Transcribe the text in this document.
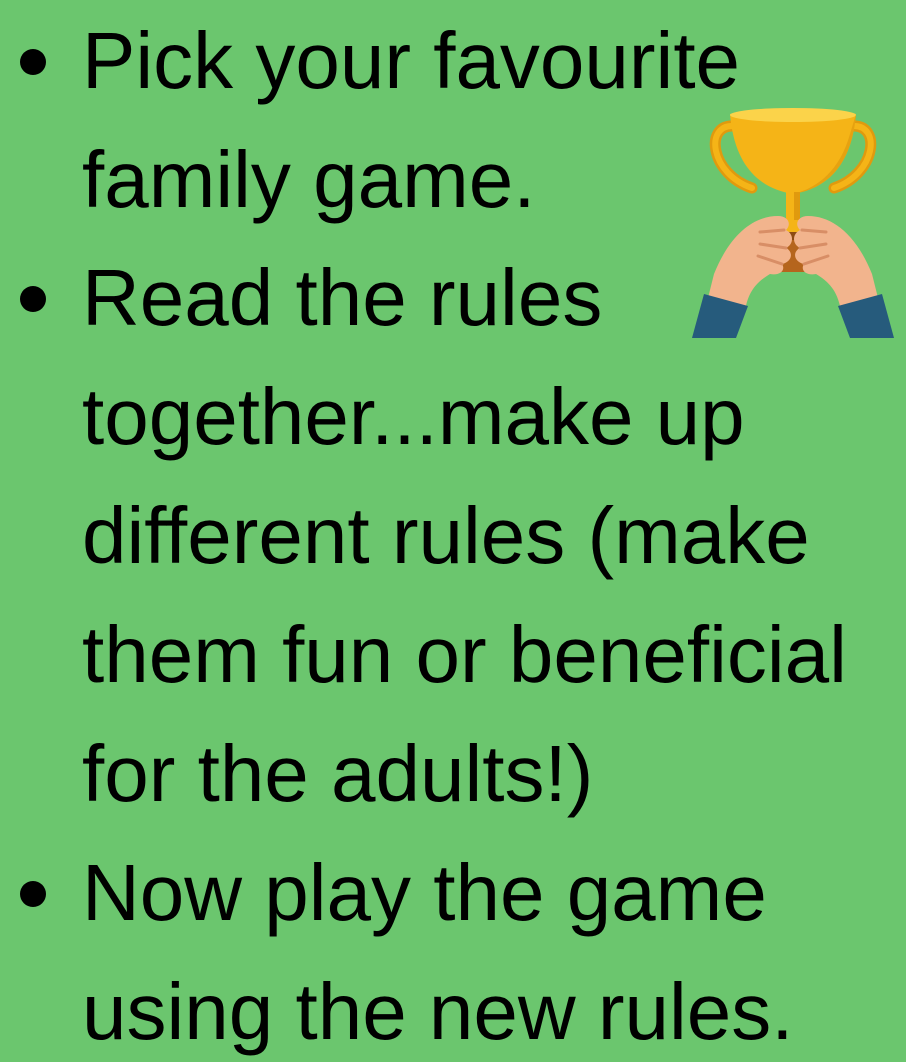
Pick your favourite
family game.
Read the rules
together...make up
different rules (make
them fun or beneficial
for the adults!)
Now play the game
using the new rules.
